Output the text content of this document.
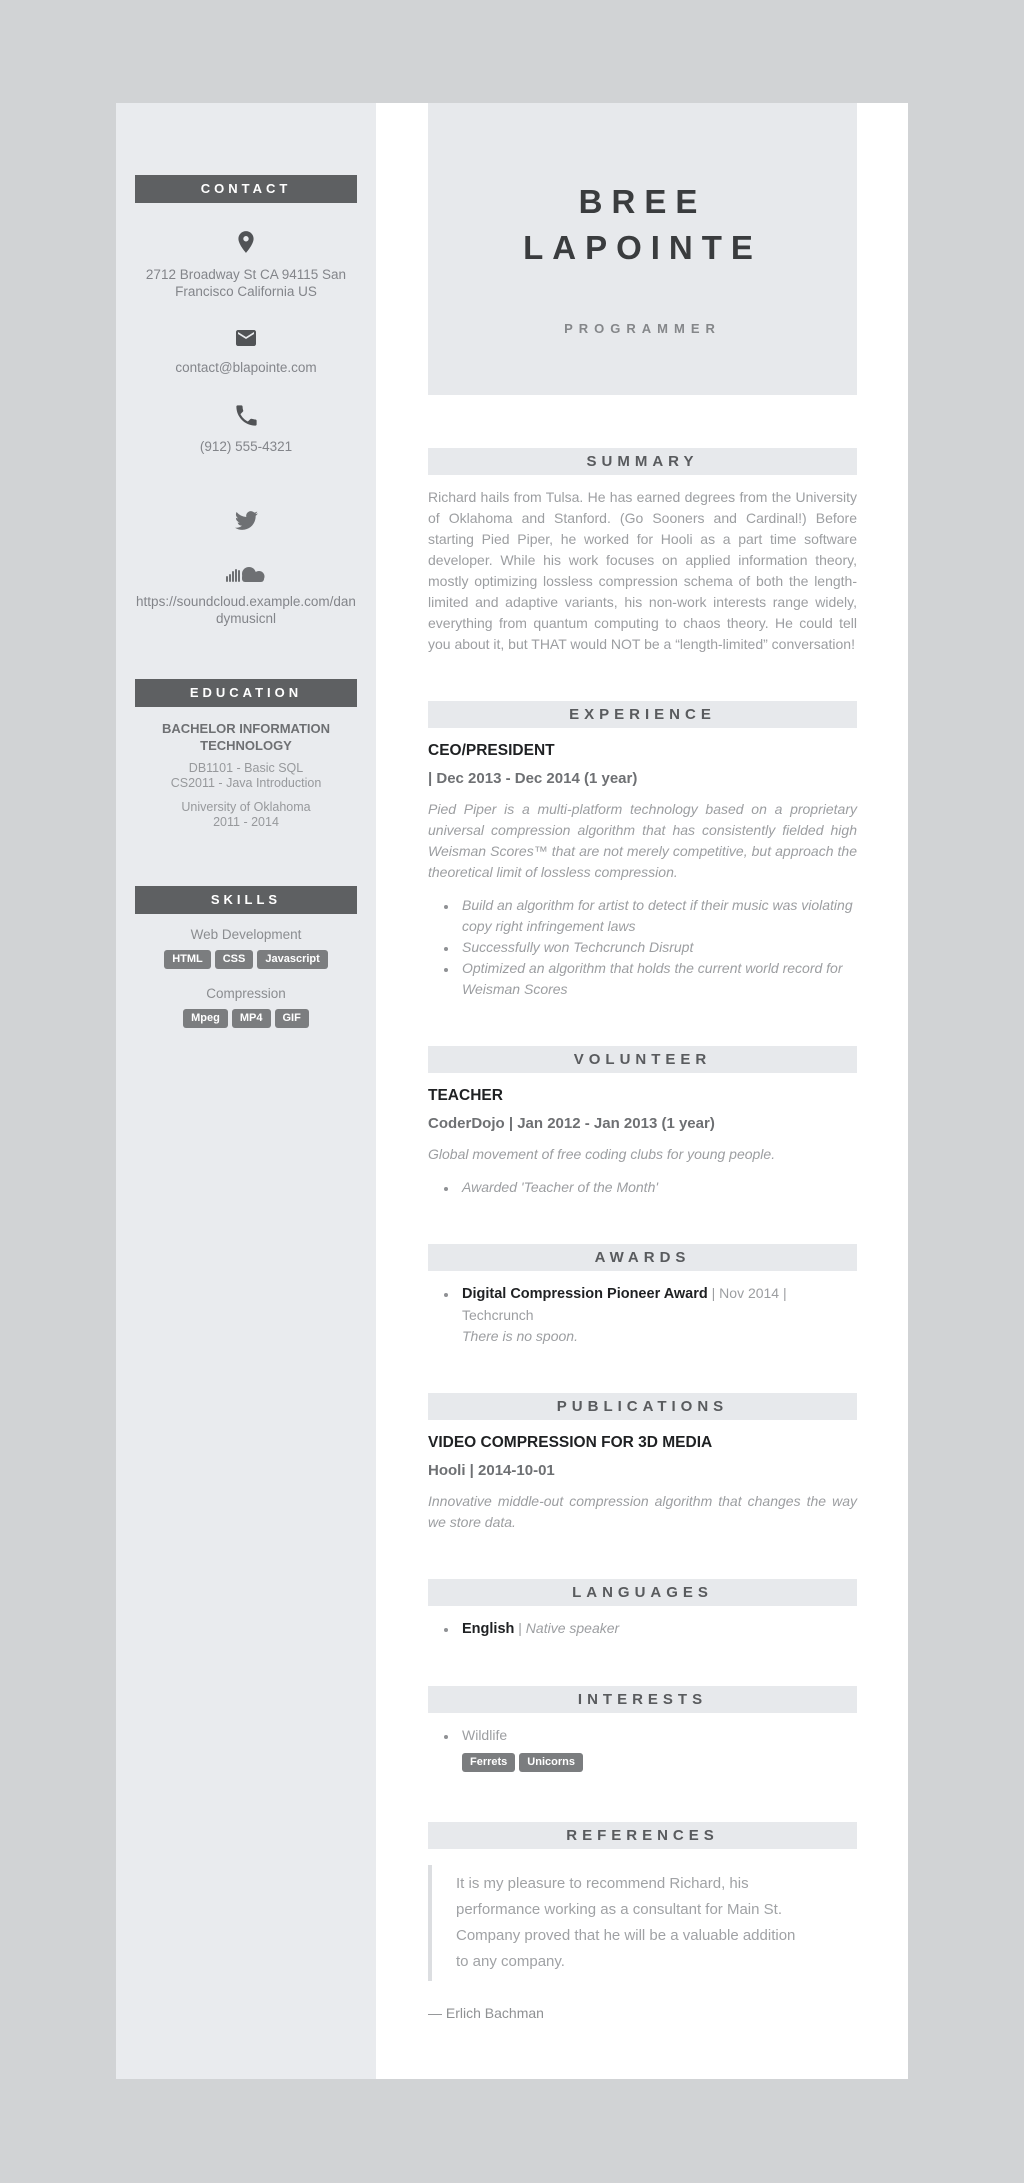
CONTACT
2712 Broadway St CA 94115 San Francisco California US
contact@blapointe.com
(912) 555-4321
https://soundcloud.example.com/dandymusicnl
EDUCATION
BACHELOR INFORMATION TECHNOLOGY
DB1101 - Basic SQL
CS2011 - Java Introduction
University of Oklahoma
2011 - 2014
SKILLS
Web Development
HTML CSS Javascript
Compression
Mpeg MP4 GIF
BREE
LAPOINTE
PROGRAMMER
SUMMARY

Richard hails from Tulsa. He has earned degrees from the University of Oklahoma and Stanford. (Go Sooners and Cardinal!) Before starting Pied Piper, he worked for Hooli as a part time software developer. While his work focuses on applied information theory, mostly optimizing lossless compression schema of both the length-limited and adaptive variants, his non-work interests range widely, everything from quantum computing to chaos theory. He could tell you about it, but THAT would NOT be a “length-limited” conversation!

EXPERIENCE
CEO/PRESIDENT
| Dec 2013 - Dec 2014 (1 year)

Pied Piper is a multi-platform technology based on a proprietary universal compression algorithm that has consistently fielded high Weisman Scores™ that are not merely competitive, but approach the theoretical limit of lossless compression.

• Build an algorithm for artist to detect if their music was violating copy right infringement laws
• Successfully won Techcrunch Disrupt
• Optimized an algorithm that holds the current world record for Weisman Scores
VOLUNTEER
TEACHER
CoderDojo | Jan 2012 - Jan 2013 (1 year)

Global movement of free coding clubs for young people.

• Awarded 'Teacher of the Month'
AWARDS
• Digital Compression Pioneer Award | Nov 2014 | Techcrunch
There is no spoon.
PUBLICATIONS
VIDEO COMPRESSION FOR 3D MEDIA
Hooli | 2014-10-01

Innovative middle-out compression algorithm that changes the way we store data.

LANGUAGES
• English | Native speaker
INTERESTS
• Wildlife
Ferrets Unicorns
REFERENCES
It is my pleasure to recommend Richard, his performance working as a consultant for Main St. Company proved that he will be a valuable addition to any company.
— Erlich Bachman
